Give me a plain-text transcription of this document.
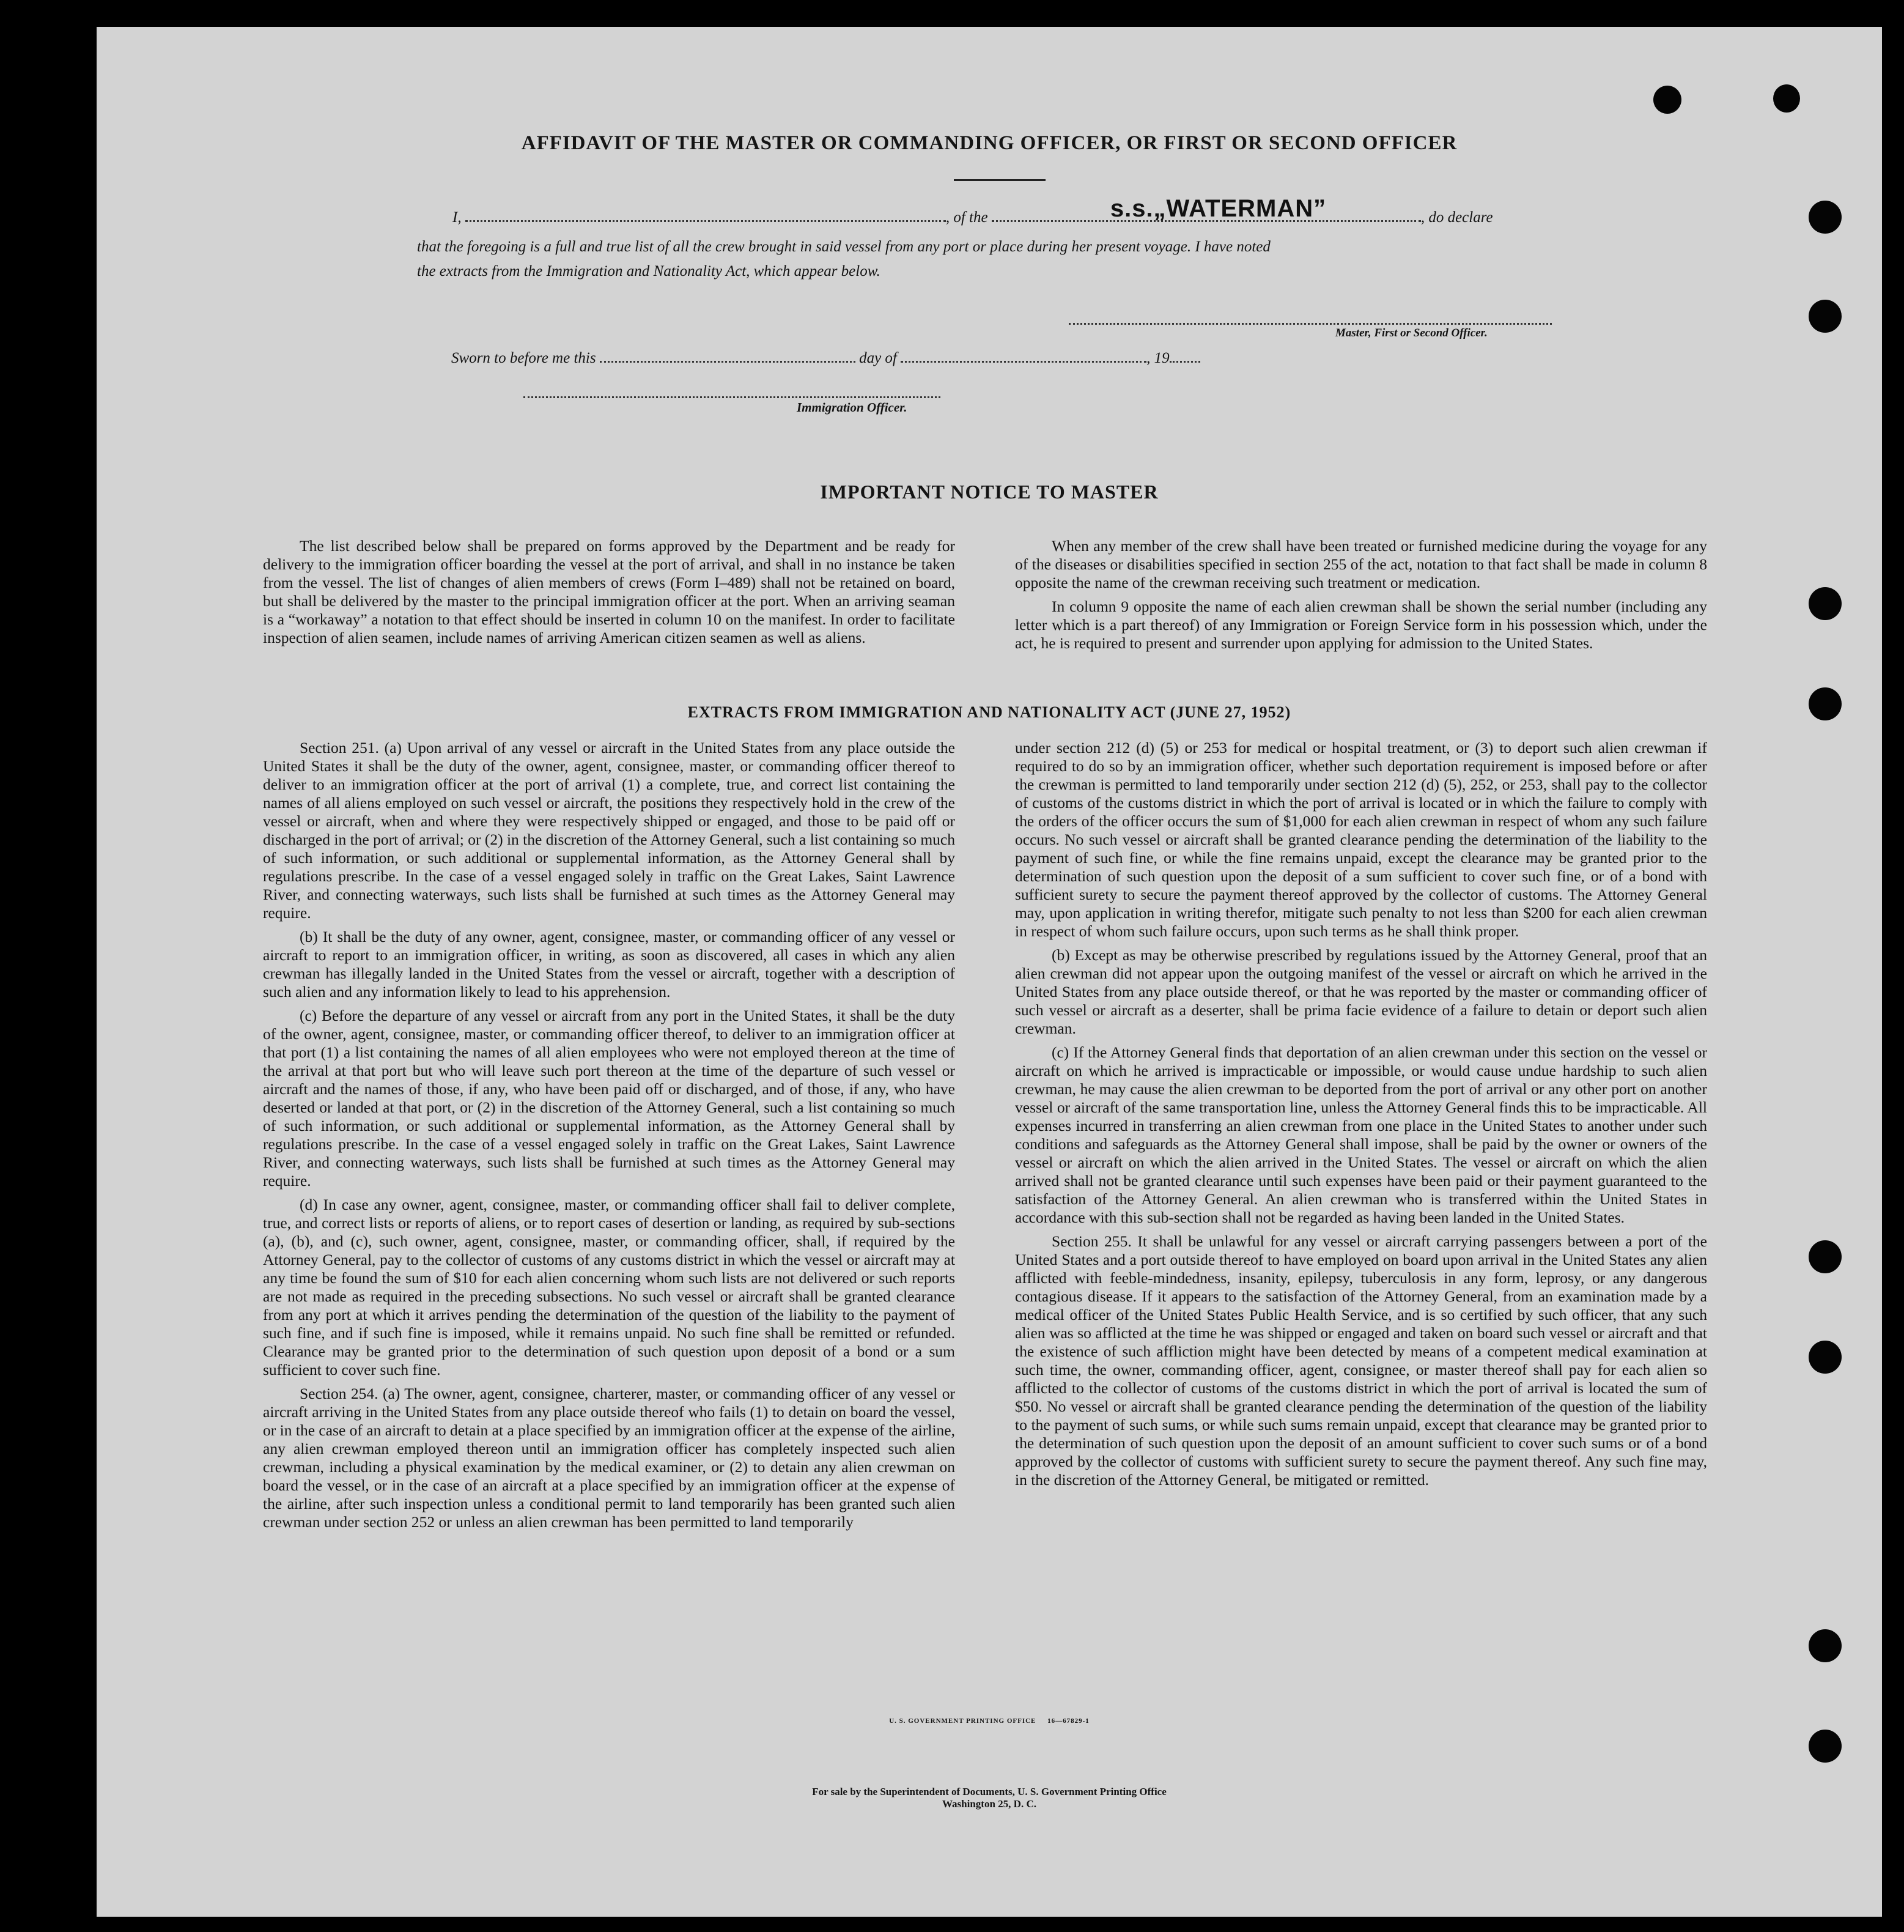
AFFIDAVIT OF THE MASTER OR COMMANDING OFFICER, OR FIRST OR SECOND OFFICER
I,	, of the	s.s.„WATERMAN”	, do declare
that the foregoing is a full and true list of all the crew brought in said vessel from any port or place during her present voyage. I have noted
the extracts from the Immigration and Nationality Act, which appear below.
Master, First or Second Officer.
Sworn to before me this	day of	, 19
Immigration Officer.
IMPORTANT NOTICE TO MASTER

The list described below shall be prepared on forms approved by the Department and be ready for delivery to the immigration officer boarding the vessel at the port of arrival, and shall in no instance be taken from the vessel. The list of changes of alien members of crews (Form I–489) shall not be retained on board, but shall be delivered by the master to the principal immigration officer at the port. When an arriving seaman is a “workaway” a notation to that effect should be inserted in column 10 on the manifest. In order to facilitate inspection of alien seamen, include names of arriving American citizen seamen as well as aliens.

When any member of the crew shall have been treated or furnished medicine during the voyage for any of the diseases or disabilities specified in section 255 of the act, notation to that fact shall be made in column 8 opposite the name of the crewman receiving such treatment or medication.

In column 9 opposite the name of each alien crewman shall be shown the serial number (including any letter which is a part thereof) of any Immigration or Foreign Service form in his possession which, under the act, he is required to present and surrender upon applying for admission to the United States.

EXTRACTS FROM IMMIGRATION AND NATIONALITY ACT (JUNE 27, 1952)

Section 251. (a) Upon arrival of any vessel or aircraft in the United States from any place outside the United States it shall be the duty of the owner, agent, consignee, master, or commanding officer thereof to deliver to an immigration officer at the port of arrival (1) a complete, true, and correct list containing the names of all aliens employed on such vessel or aircraft, the positions they respectively hold in the crew of the vessel or aircraft, when and where they were respectively shipped or engaged, and those to be paid off or discharged in the port of arrival; or (2) in the discretion of the Attorney General, such a list containing so much of such information, or such additional or supplemental information, as the Attorney General shall by regulations prescribe. In the case of a vessel engaged solely in traffic on the Great Lakes, Saint Lawrence River, and connecting waterways, such lists shall be furnished at such times as the Attorney General may require.

(b) It shall be the duty of any owner, agent, consignee, master, or commanding officer of any vessel or aircraft to report to an immigration officer, in writing, as soon as discovered, all cases in which any alien crewman has illegally landed in the United States from the vessel or aircraft, together with a description of such alien and any information likely to lead to his apprehension.

(c) Before the departure of any vessel or aircraft from any port in the United States, it shall be the duty of the owner, agent, consignee, master, or commanding officer thereof, to deliver to an immigration officer at that port (1) a list containing the names of all alien employees who were not employed thereon at the time of the arrival at that port but who will leave such port thereon at the time of the departure of such vessel or aircraft and the names of those, if any, who have been paid off or discharged, and of those, if any, who have deserted or landed at that port, or (2) in the discretion of the Attorney General, such a list containing so much of such information, or such additional or supplemental information, as the Attorney General shall by regulations prescribe. In the case of a vessel engaged solely in traffic on the Great Lakes, Saint Lawrence River, and connecting waterways, such lists shall be furnished at such times as the Attorney General may require.

(d) In case any owner, agent, consignee, master, or commanding officer shall fail to deliver complete, true, and correct lists or reports of aliens, or to report cases of desertion or landing, as required by sub-sections (a), (b), and (c), such owner, agent, consignee, master, or commanding officer, shall, if required by the Attorney General, pay to the collector of customs of any customs district in which the vessel or aircraft may at any time be found the sum of $10 for each alien concerning whom such lists are not delivered or such reports are not made as required in the preceding subsections. No such vessel or aircraft shall be granted clearance from any port at which it arrives pending the determination of the question of the liability to the payment of such fine, and if such fine is imposed, while it remains unpaid. No such fine shall be remitted or refunded. Clearance may be granted prior to the determination of such question upon deposit of a bond or a sum sufficient to cover such fine.

Section 254. (a) The owner, agent, consignee, charterer, master, or commanding officer of any vessel or aircraft arriving in the United States from any place outside thereof who fails (1) to detain on board the vessel, or in the case of an aircraft to detain at a place specified by an immigration officer at the expense of the airline, any alien crewman employed thereon until an immigration officer has completely inspected such alien crewman, including a physical examination by the medical examiner, or (2) to detain any alien crewman on board the vessel, or in the case of an aircraft at a place specified by an immigration officer at the expense of the airline, after such inspection unless a conditional permit to land temporarily has been granted such alien crewman under section 252 or unless an alien crewman has been permitted to land temporarily

under section 212 (d) (5) or 253 for medical or hospital treatment, or (3) to deport such alien crewman if required to do so by an immigration officer, whether such deportation requirement is imposed before or after the crewman is permitted to land temporarily under section 212 (d) (5), 252, or 253, shall pay to the collector of customs of the customs district in which the port of arrival is located or in which the failure to comply with the orders of the officer occurs the sum of $1,000 for each alien crewman in respect of whom any such failure occurs. No such vessel or aircraft shall be granted clearance pending the determination of the liability to the payment of such fine, or while the fine remains unpaid, except the clearance may be granted prior to the determination of such question upon the deposit of a sum sufficient to cover such fine, or of a bond with sufficient surety to secure the payment thereof approved by the collector of customs. The Attorney General may, upon application in writing therefor, mitigate such penalty to not less than $200 for each alien crewman in respect of whom such failure occurs, upon such terms as he shall think proper.

(b) Except as may be otherwise prescribed by regulations issued by the Attorney General, proof that an alien crewman did not appear upon the outgoing manifest of the vessel or aircraft on which he arrived in the United States from any place outside thereof, or that he was reported by the master or commanding officer of such vessel or aircraft as a deserter, shall be prima facie evidence of a failure to detain or deport such alien crewman.

(c) If the Attorney General finds that deportation of an alien crewman under this section on the vessel or aircraft on which he arrived is impracticable or impossible, or would cause undue hardship to such alien crewman, he may cause the alien crewman to be deported from the port of arrival or any other port on another vessel or aircraft of the same transportation line, unless the Attorney General finds this to be impracticable. All expenses incurred in transferring an alien crewman from one place in the United States to another under such conditions and safeguards as the Attorney General shall impose, shall be paid by the owner or owners of the vessel or aircraft on which the alien arrived in the United States. The vessel or aircraft on which the alien arrived shall not be granted clearance until such expenses have been paid or their payment guaranteed to the satisfaction of the Attorney General. An alien crewman who is transferred within the United States in accordance with this sub-section shall not be regarded as having been landed in the United States.

Section 255. It shall be unlawful for any vessel or aircraft carrying passengers between a port of the United States and a port outside thereof to have employed on board upon arrival in the United States any alien afflicted with feeble-mindedness, insanity, epilepsy, tuberculosis in any form, leprosy, or any dangerous contagious disease. If it appears to the satisfaction of the Attorney General, from an examination made by a medical officer of the United States Public Health Service, and is so certified by such officer, that any such alien was so afflicted at the time he was shipped or engaged and taken on board such vessel or aircraft and that the existence of such affliction might have been detected by means of a competent medical examination at such time, the owner, commanding officer, agent, consignee, or master thereof shall pay for each alien so afflicted to the collector of customs of the customs district in which the port of arrival is located the sum of $50. No vessel or aircraft shall be granted clearance pending the determination of the question of the liability to the payment of such sums, or while such sums remain unpaid, except that clearance may be granted prior to the determination of such question upon the deposit of an amount sufficient to cover such sums or of a bond approved by the collector of customs with sufficient surety to secure the payment thereof. Any such fine may, in the discretion of the Attorney General, be mitigated or remitted.

U. S. GOVERNMENT PRINTING OFFICE     16—67829-1
For sale by the Superintendent of Documents, U. S. Government Printing Office
Washington 25, D. C.
